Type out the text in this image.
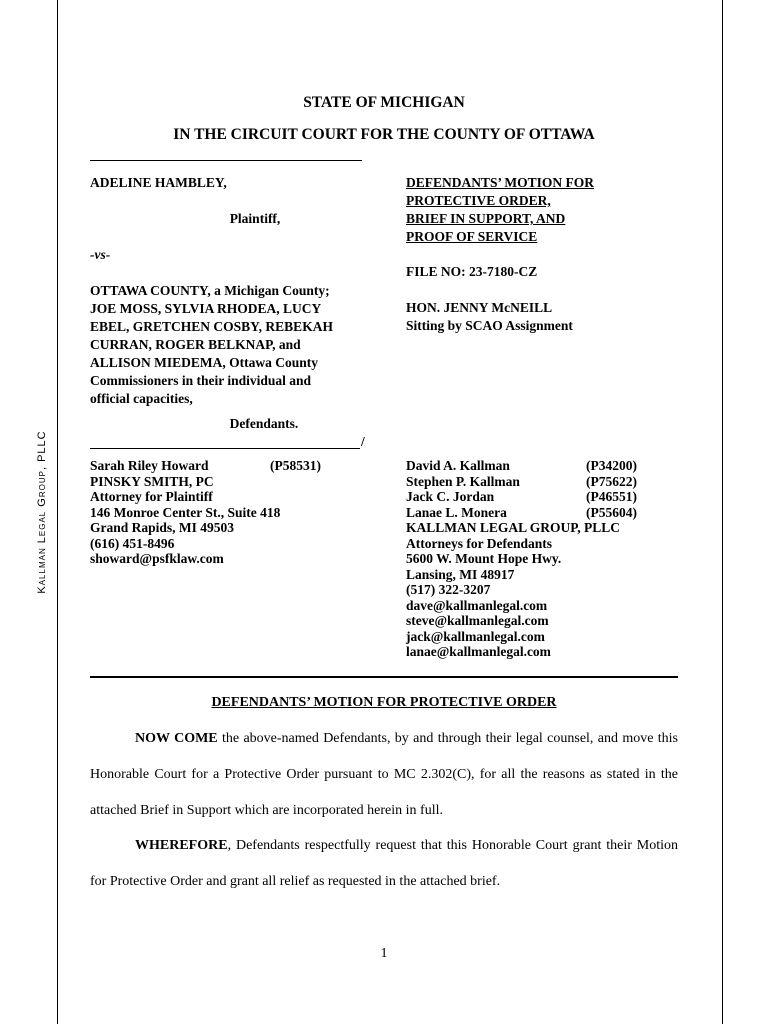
Kallman Legal Group, PLLC
STATE OF MICHIGAN
IN THE CIRCUIT COURT FOR THE COUNTY OF OTTAWA
ADELINE HAMBLEY,
Plaintiff,
-vs-
OTTAWA COUNTY, a Michigan County;
JOE MOSS, SYLVIA RHODEA, LUCY
EBEL, GRETCHEN COSBY, REBEKAH
CURRAN, ROGER BELKNAP, and
ALLISON MIEDEMA, Ottawa County
Commissioners in their individual and
official capacities,
Defendants.
/
DEFENDANTS’ MOTION FOR
PROTECTIVE ORDER,
BRIEF IN SUPPORT, AND
PROOF OF SERVICE
FILE NO: 23-7180-CZ
HON. JENNY McNEILL
Sitting by SCAO Assignment
Sarah Riley Howard	(P58531)
PINSKY SMITH, PC
Attorney for Plaintiff
146 Monroe Center St., Suite 418
Grand Rapids, MI 49503
(616) 451-8496
showard@psfklaw.com
David A. Kallman	(P34200)
Stephen P. Kallman	(P75622)
Jack C. Jordan	(P46551)
Lanae L. Monera	(P55604)
KALLMAN LEGAL GROUP, PLLC
Attorneys for Defendants
5600 W. Mount Hope Hwy.
Lansing, MI 48917
(517) 322-3207
dave@kallmanlegal.com
steve@kallmanlegal.com
jack@kallmanlegal.com
lanae@kallmanlegal.com
DEFENDANTS’ MOTION FOR PROTECTIVE ORDER
NOW COME the above-named Defendants, by and through their legal counsel, and move this Honorable Court for a Protective Order pursuant to MC 2.302(C), for all the reasons as stated in the attached Brief in Support which are incorporated herein in full.
WHEREFORE, Defendants respectfully request that this Honorable Court grant their Motion for Protective Order and grant all relief as requested in the attached brief.
1
